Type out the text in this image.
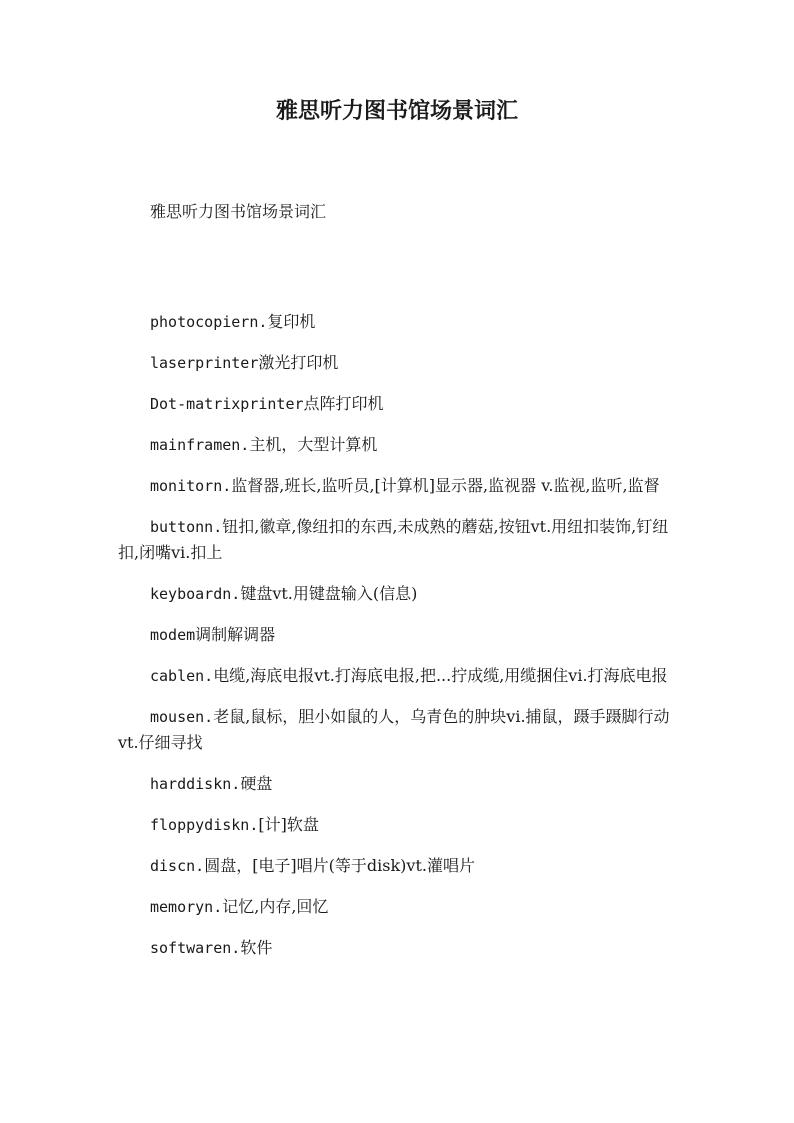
雅思听力图书馆场景词汇

雅思听力图书馆场景词汇

photocopiern.复印机

laserprinter激光打印机

Dot-matrixprinter点阵打印机

mainframen.主机，大型计算机

monitorn.监督器,班长,监听员,[计算机]显示器,监视器 v.监视,监听,监督

buttonn.钮扣,徽章,像纽扣的东西,未成熟的蘑菇,按钮vt.用纽扣装饰,钉纽扣,闭嘴vi.扣上

keyboardn.键盘vt.用键盘输入(信息)

modem调制解调器

cablen.电缆,海底电报vt.打海底电报,把...拧成缆,用缆捆住vi.打海底电报

mousen.老鼠,鼠标，胆小如鼠的人，乌青色的肿块vi.捕鼠，蹑手蹑脚行动vt.仔细寻找

harddiskn.硬盘

floppydiskn.[计]软盘

discn.圆盘，[电子]唱片(等于disk)vt.灌唱片

memoryn.记忆,内存,回忆

softwaren.软件
